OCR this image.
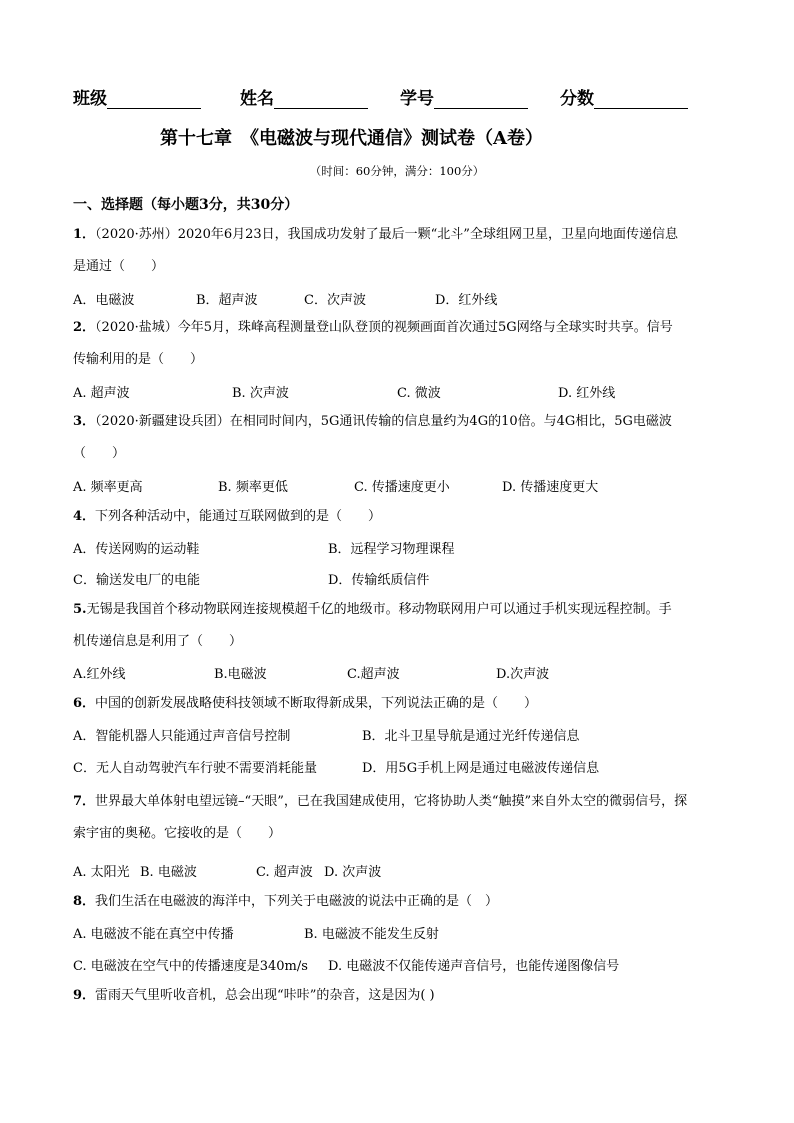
班级	姓名	学号	分数
第十七章　《电磁波与现代通信》测试卷（A卷）
（时间：60分钟，满分：100分）
一、选择题（每小题3分，共30分）
1．（2020·苏州）2020年6月23日，我国成功发射了最后一颗“北斗”全球组网卫星，卫星向地面传递信息
是通过（　　）
A．电磁波	B．超声波	C．次声波	D．红外线
2．（2020·盐城）今年5月，珠峰高程测量登山队登顶的视频画面首次通过5G网络与全球实时共享。信号
传输利用的是（　　）
A. 超声波	B. 次声波	C. 微波	D. 红外线
3．（2020·新疆建设兵团）在相同时间内，5G通讯传输的信息量约为4G的10倍。与4G相比，5G电磁波
（　　）
A. 频率更高	B. 频率更低	C. 传播速度更小	D. 传播速度更大
4．下列各种活动中，能通过互联网做到的是（　　）
A．传送网购的运动鞋	B．远程学习物理课程
C．输送发电厂的电能	D．传输纸质信件
5.无锡是我国首个移动物联网连接规模超千亿的地级市。移动物联网用户可以通过手机实现远程控制。手
机传递信息是利用了（　　）
A.红外线	B.电磁波	C.超声波	D.次声波
6．中国的创新发展战略使科技领域不断取得新成果，下列说法正确的是（　　）
A．智能机器人只能通过声音信号控制	B．北斗卫星导航是通过光纤传递信息
C．无人自动驾驶汽车行驶不需要消耗能量	D．用5G手机上网是通过电磁波传递信息
7．世界最大单体射电望远镜–“天眼”，已在我国建成使用，它将协助人类“触摸”来自外太空的微弱信号，探
索宇宙的奥秘。它接收的是（　　）
A. 太阳光 B. 电磁波	C. 超声波 D. 次声波
8．我们生活在电磁波的海洋中，下列关于电磁波的说法中正确的是（　）
A. 电磁波不能在真空中传播	B. 电磁波不能发生反射
C. 电磁波在空气中的传播速度是340m/s D. 电磁波不仅能传递声音信号，也能传递图像信号
9．雷雨天气里听收音机，总会出现“咔咔”的杂音，这是因为( )
